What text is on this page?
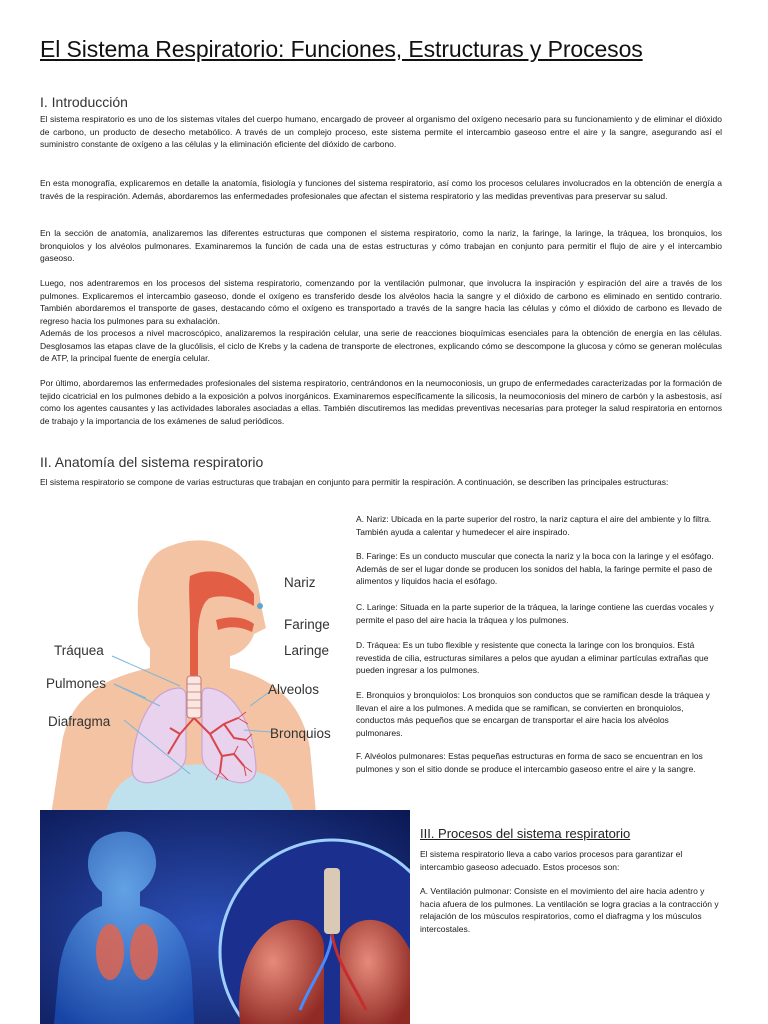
El Sistema Respiratorio: Funciones, Estructuras y Procesos
I. Introducción

El sistema respiratorio es uno de los sistemas vitales del cuerpo humano, encargado de proveer al organismo del oxígeno necesario para su funcionamiento y de eliminar el dióxido de carbono, un producto de desecho metabólico. A través de un complejo proceso, este sistema permite el intercambio gaseoso entre el aire y la sangre, asegurando así el suministro constante de oxígeno a las células y la eliminación eficiente del dióxido de carbono.

En esta monografía, explicaremos en detalle la anatomía, fisiología y funciones del sistema respiratorio, así como los procesos celulares involucrados en la obtención de energía a través de la respiración. Además, abordaremos las enfermedades profesionales que afectan el sistema respiratorio y las medidas preventivas para preservar su salud.

En la sección de anatomía, analizaremos las diferentes estructuras que componen el sistema respiratorio, como la nariz, la faringe, la laringe, la tráquea, los bronquios, los bronquiolos y los alvéolos pulmonares. Examinaremos la función de cada una de estas estructuras y cómo trabajan en conjunto para permitir el flujo de aire y el intercambio gaseoso.

Luego, nos adentraremos en los procesos del sistema respiratorio, comenzando por la ventilación pulmonar, que involucra la inspiración y espiración del aire a través de los pulmones. Explicaremos el intercambio gaseoso, donde el oxígeno es transferido desde los alvéolos hacia la sangre y el dióxido de carbono es eliminado en sentido contrario. También abordaremos el transporte de gases, destacando cómo el oxígeno es transportado a través de la sangre hacia las células y cómo el dióxido de carbono es llevado de regreso hacia los pulmones para su exhalación.

Además de los procesos a nivel macroscópico, analizaremos la respiración celular, una serie de reacciones bioquímicas esenciales para la obtención de energía en las células. Desglosamos las etapas clave de la glucólisis, el ciclo de Krebs y la cadena de transporte de electrones, explicando cómo se descompone la glucosa y cómo se generan moléculas de ATP, la principal fuente de energía celular.

Por último, abordaremos las enfermedades profesionales del sistema respiratorio, centrándonos en la neumoconiosis, un grupo de enfermedades caracterizadas por la formación de tejido cicatricial en los pulmones debido a la exposición a polvos inorgánicos. Examinaremos específicamente la silicosis, la neumoconiosis del minero de carbón y la asbestosis, así como los agentes causantes y las actividades laborales asociadas a ellas. También discutiremos las medidas preventivas necesarias para proteger la salud respiratoria en entornos de trabajo y la importancia de los exámenes de salud periódicos.

II. Anatomía del sistema respiratorio

El sistema respiratorio se compone de varias estructuras que trabajan en conjunto para permitir la respiración. A continuación, se describen las principales estructuras:

Nariz
Faringe
Laringe
Tráquea
Pulmones	Alveolos
Diafragma
Bronquios

A. Nariz: Ubicada en la parte superior del rostro, la nariz captura el aire del ambiente y lo filtra. También ayuda a calentar y humedecer el aire inspirado.

B. Faringe: Es un conducto muscular que conecta la nariz y la boca con la laringe y el esófago. Además de ser el lugar donde se producen los sonidos del habla, la faringe permite el paso de alimentos y líquidos hacia el esófago.

C. Laringe: Situada en la parte superior de la tráquea, la laringe contiene las cuerdas vocales y permite el paso del aire hacia la tráquea y los pulmones.

D. Tráquea: Es un tubo flexible y resistente que conecta la laringe con los bronquios. Está revestida de cilia, estructuras similares a pelos que ayudan a eliminar partículas extrañas que pueden ingresar a los pulmones.

E. Bronquios y bronquiolos: Los bronquios son conductos que se ramifican desde la tráquea y llevan el aire a los pulmones. A medida que se ramifican, se convierten en bronquiolos, conductos más pequeños que se encargan de transportar el aire hacia los alvéolos pulmonares.

F. Alvéolos pulmonares: Estas pequeñas estructuras en forma de saco se encuentran en los pulmones y son el sitio donde se produce el intercambio gaseoso entre el aire y la sangre.

III. Procesos del sistema respiratorio

El sistema respiratorio lleva a cabo varios procesos para garantizar el intercambio gaseoso adecuado. Estos procesos son:

A. Ventilación pulmonar: Consiste en el movimiento del aire hacia adentro y hacia afuera de los pulmones. La ventilación se logra gracias a la contracción y relajación de los músculos respiratorios, como el diafragma y los músculos intercostales.
